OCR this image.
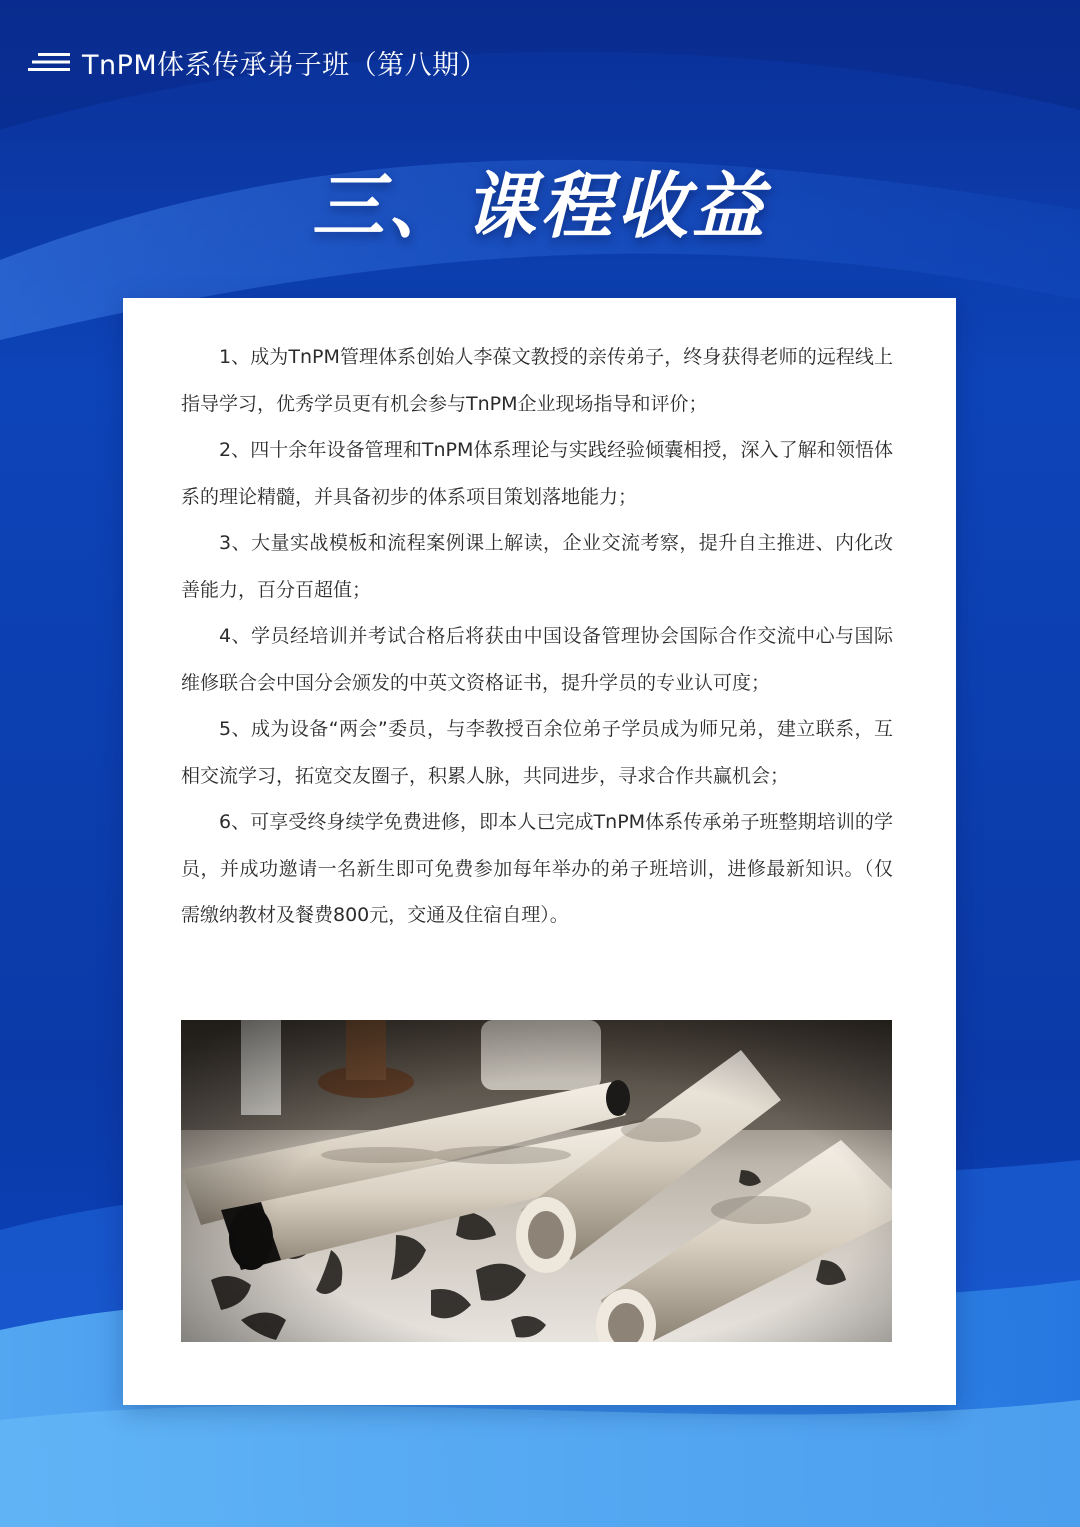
TnPM体系传承弟子班（第八期）
三、课程收益

1、成为TnPM管理体系创始人李葆文教授的亲传弟子，终身获得老师的远程线上指导学习，优秀学员更有机会参与TnPM企业现场指导和评价；

2、四十余年设备管理和TnPM体系理论与实践经验倾囊相授，深入了解和领悟体系的理论精髓，并具备初步的体系项目策划落地能力；

3、大量实战模板和流程案例课上解读，企业交流考察，提升自主推进、内化改善能力，百分百超值；

4、学员经培训并考试合格后将获由中国设备管理协会国际合作交流中心与国际维修联合会中国分会颁发的中英文资格证书，提升学员的专业认可度；

5、成为设备“两会”委员，与李教授百余位弟子学员成为师兄弟，建立联系，互相交流学习，拓宽交友圈子，积累人脉，共同进步，寻求合作共赢机会；

6、可享受终身续学免费进修，即本人已完成TnPM体系传承弟子班整期培训的学员，并成功邀请一名新生即可免费参加每年举办的弟子班培训，进修最新知识。（仅需缴纳教材及餐费800元，交通及住宿自理）。
